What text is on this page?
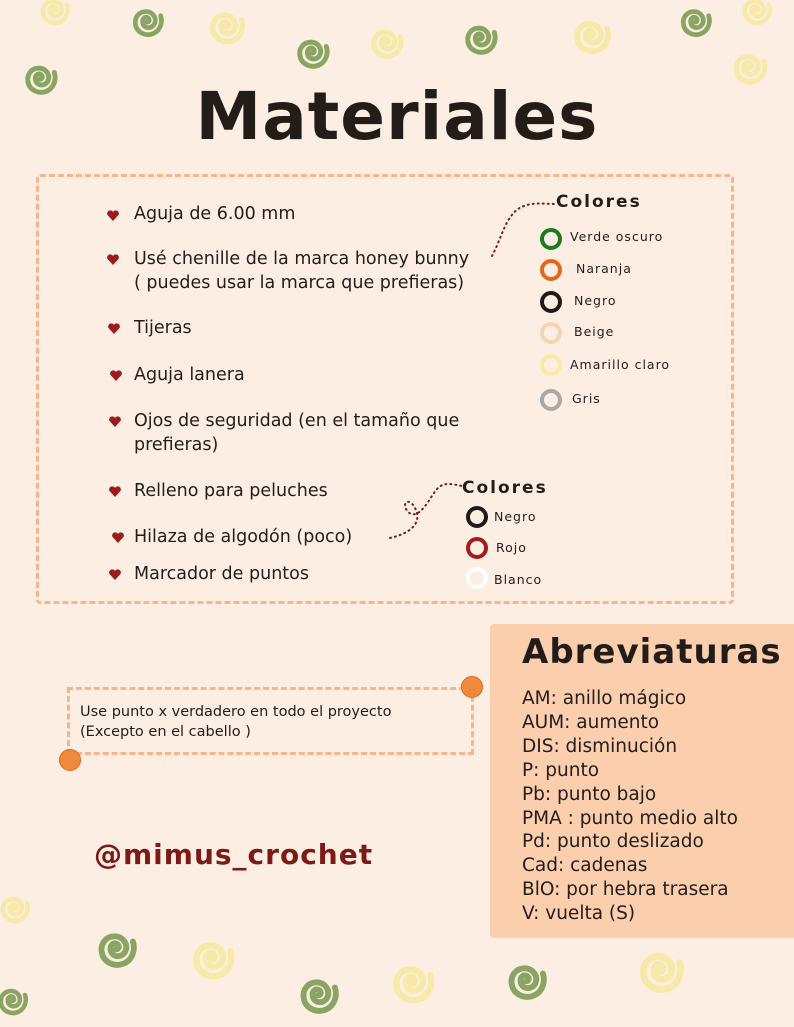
Materiales
Aguja de 6.00 mm
Usé chenille de la marca honey bunny
( puedes usar la marca que prefieras)
Tijeras
Aguja lanera
Ojos de seguridad (en el tamaño que
prefieras)
Relleno para peluches
Hilaza de algodón (poco)
Marcador de puntos
Colores
Verde oscuro
Naranja
Negro
Beige
Amarillo claro
Gris
Colores
Negro
Rojo
Blanco
Use punto x verdadero en todo el proyecto
(Excepto en el cabello )
@mimus_crochet
Abreviaturas
AM: anillo mágico
AUM: aumento
DIS: disminución
P: punto
Pb: punto bajo
PMA : punto medio alto
Pd: punto deslizado
Cad: cadenas
BlO: por hebra trasera
V: vuelta (S)
